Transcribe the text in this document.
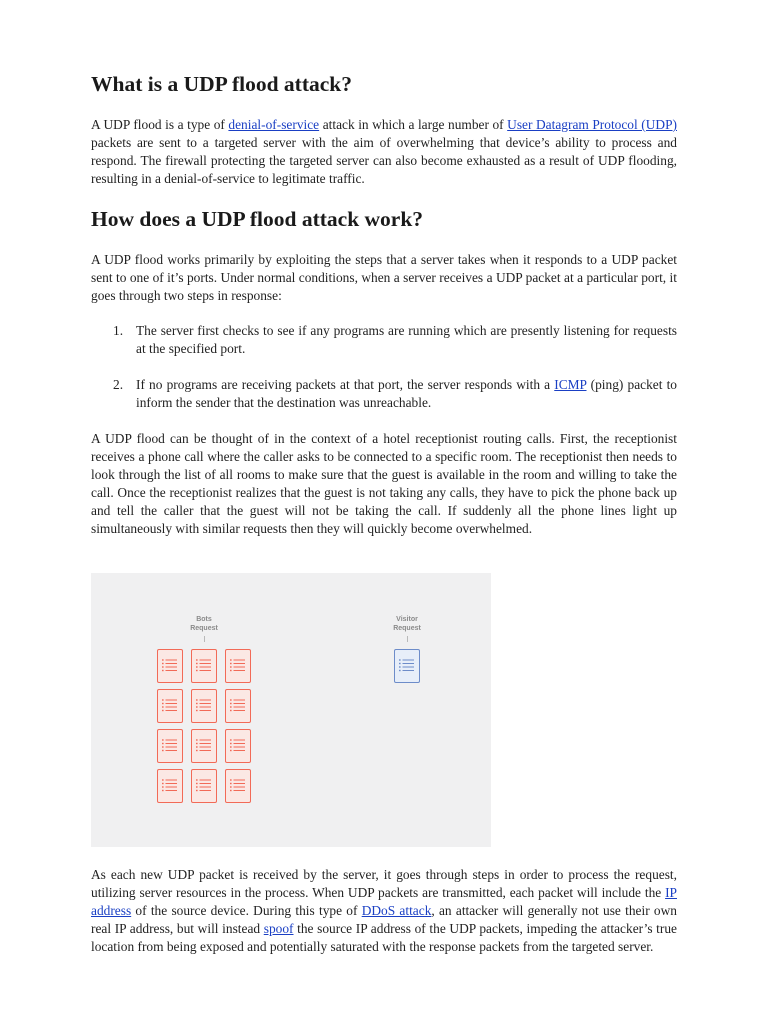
What is a UDP flood attack?

A UDP flood is a type of denial-of-service attack in which a large number of User Datagram Protocol (UDP) packets are sent to a targeted server with the aim of overwhelming that device’s ability to process and respond. The firewall protecting the targeted server can also become exhausted as a result of UDP flooding, resulting in a denial-of-service to legitimate traffic.

How does a UDP flood attack work?

A UDP flood works primarily by exploiting the steps that a server takes when it responds to a UDP packet sent to one of it’s ports. Under normal conditions, when a server receives a UDP packet at a particular port, it goes through two steps in response:

1. The server first checks to see if any programs are running which are presently listening for requests at the specified port.
2. If no programs are receiving packets at that port, the server responds with a ICMP (ping) packet to inform the sender that the destination was unreachable.

A UDP flood can be thought of in the context of a hotel receptionist routing calls. First, the receptionist receives a phone call where the caller asks to be connected to a specific room. The receptionist then needs to look through the list of all rooms to make sure that the guest is available in the room and willing to take the call. Once the receptionist realizes that the guest is not taking any calls, they have to pick the phone back up and tell the caller that the guest will not be taking the call. If suddenly all the phone lines light up simultaneously with similar requests then they will quickly become overwhelmed.

Bots
Request
Visitor
Request

As each new UDP packet is received by the server, it goes through steps in order to process the request, utilizing server resources in the process. When UDP packets are transmitted, each packet will include the IP address of the source device. During this type of DDoS attack, an attacker will generally not use their own real IP address, but will instead spoof the source IP address of the UDP packets, impeding the attacker’s true location from being exposed and potentially saturated with the response packets from the targeted server.
